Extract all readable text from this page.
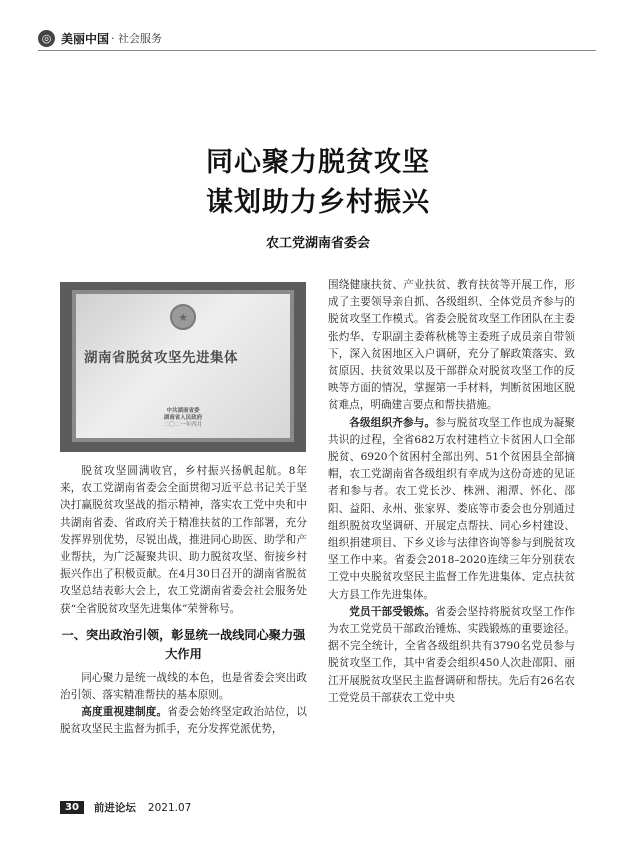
◎ 美丽中国 · 社会服务
同心聚力脱贫攻坚
谋划助力乡村振兴
农工党湖南省委会
★
湖南省脱贫攻坚先进集体
中共湖南省委
湖南省人民政府
二〇二一年四月

脱贫攻坚圆满收官，乡村振兴扬帆起航。8年来，农工党湖南省委会全面贯彻习近平总书记关于坚决打赢脱贫攻坚战的指示精神，落实农工党中央和中共湖南省委、省政府关于精准扶贫的工作部署，充分发挥界别优势，尽锐出战，推进同心助医、助学和产业帮扶，为广泛凝聚共识、助力脱贫攻坚、衔接乡村振兴作出了积极贡献。在4月30日召开的湖南省脱贫攻坚总结表彰大会上，农工党湖南省委会社会服务处获“全省脱贫攻坚先进集体”荣誉称号。

一、突出政治引领，彰显统一战线同心聚力强大作用

同心聚力是统一战线的本色，也是省委会突出政治引领、落实精准帮扶的基本原则。

高度重视建制度。省委会始终坚定政治站位，以脱贫攻坚民主监督为抓手，充分发挥党派优势，

围绕健康扶贫、产业扶贫、教育扶贫等开展工作，形成了主要领导亲自抓、各级组织、全体党员齐参与的脱贫攻坚工作模式。省委会脱贫攻坚工作团队在主委张灼华、专职副主委蒋秋桃等主委班子成员亲自带领下，深入贫困地区入户调研，充分了解政策落实、致贫原因、扶贫效果以及干部群众对脱贫攻坚工作的反映等方面的情况，掌握第一手材料，判断贫困地区脱贫难点，明确建言要点和帮扶措施。

各级组织齐参与。参与脱贫攻坚工作也成为凝聚共识的过程，全省682万农村建档立卡贫困人口全部脱贫、6920个贫困村全部出列、51个贫困县全部摘帽，农工党湖南省各级组织有幸成为这份奇迹的见证者和参与者。农工党长沙、株洲、湘潭、怀化、邵阳、益阳、永州、张家界、娄底等市委会也分别通过组织脱贫攻坚调研、开展定点帮扶、同心乡村建设、组织捐建项目、下乡义诊与法律咨询等参与到脱贫攻坚工作中来。省委会2018–2020连续三年分别获农工党中央脱贫攻坚民主监督工作先进集体、定点扶贫大方县工作先进集体。

党员干部受锻炼。省委会坚持将脱贫攻坚工作作为农工党党员干部政治锤炼、实践锻炼的重要途径。据不完全统计，全省各级组织共有3790名党员参与脱贫攻坚工作，其中省委会组织450人次赴邵阳、丽江开展脱贫攻坚民主监督调研和帮扶。先后有26名农工党党员干部获农工党中央

30	前进论坛 2021.07
